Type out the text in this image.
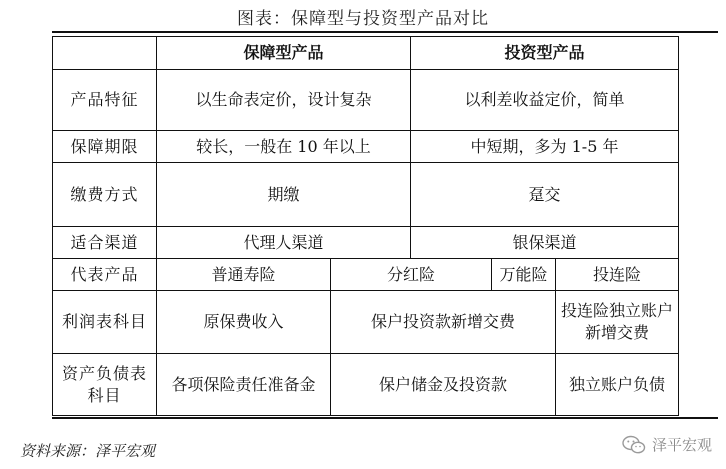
图表：保障型与投资型产品对比
	保障型产品		投资型产品		
产品特征	以生命表定价，设计复杂		以利差收益定价，简单		
保障期限	较长，一般在 10 年以上		中短期，多为 1-5 年		
缴费方式	期缴		趸交		
适合渠道	代理人渠道		银保渠道		
代表产品	普通寿险	分红险		万能险	投连险
利润表科目	原保费收入	保户投资款新增交费			投连险独立账户新增交费
资产负债表科目	各项保险责任准备金	保户储金及投资款			独立账户负债
资料来源：泽平宏观	泽平宏观
